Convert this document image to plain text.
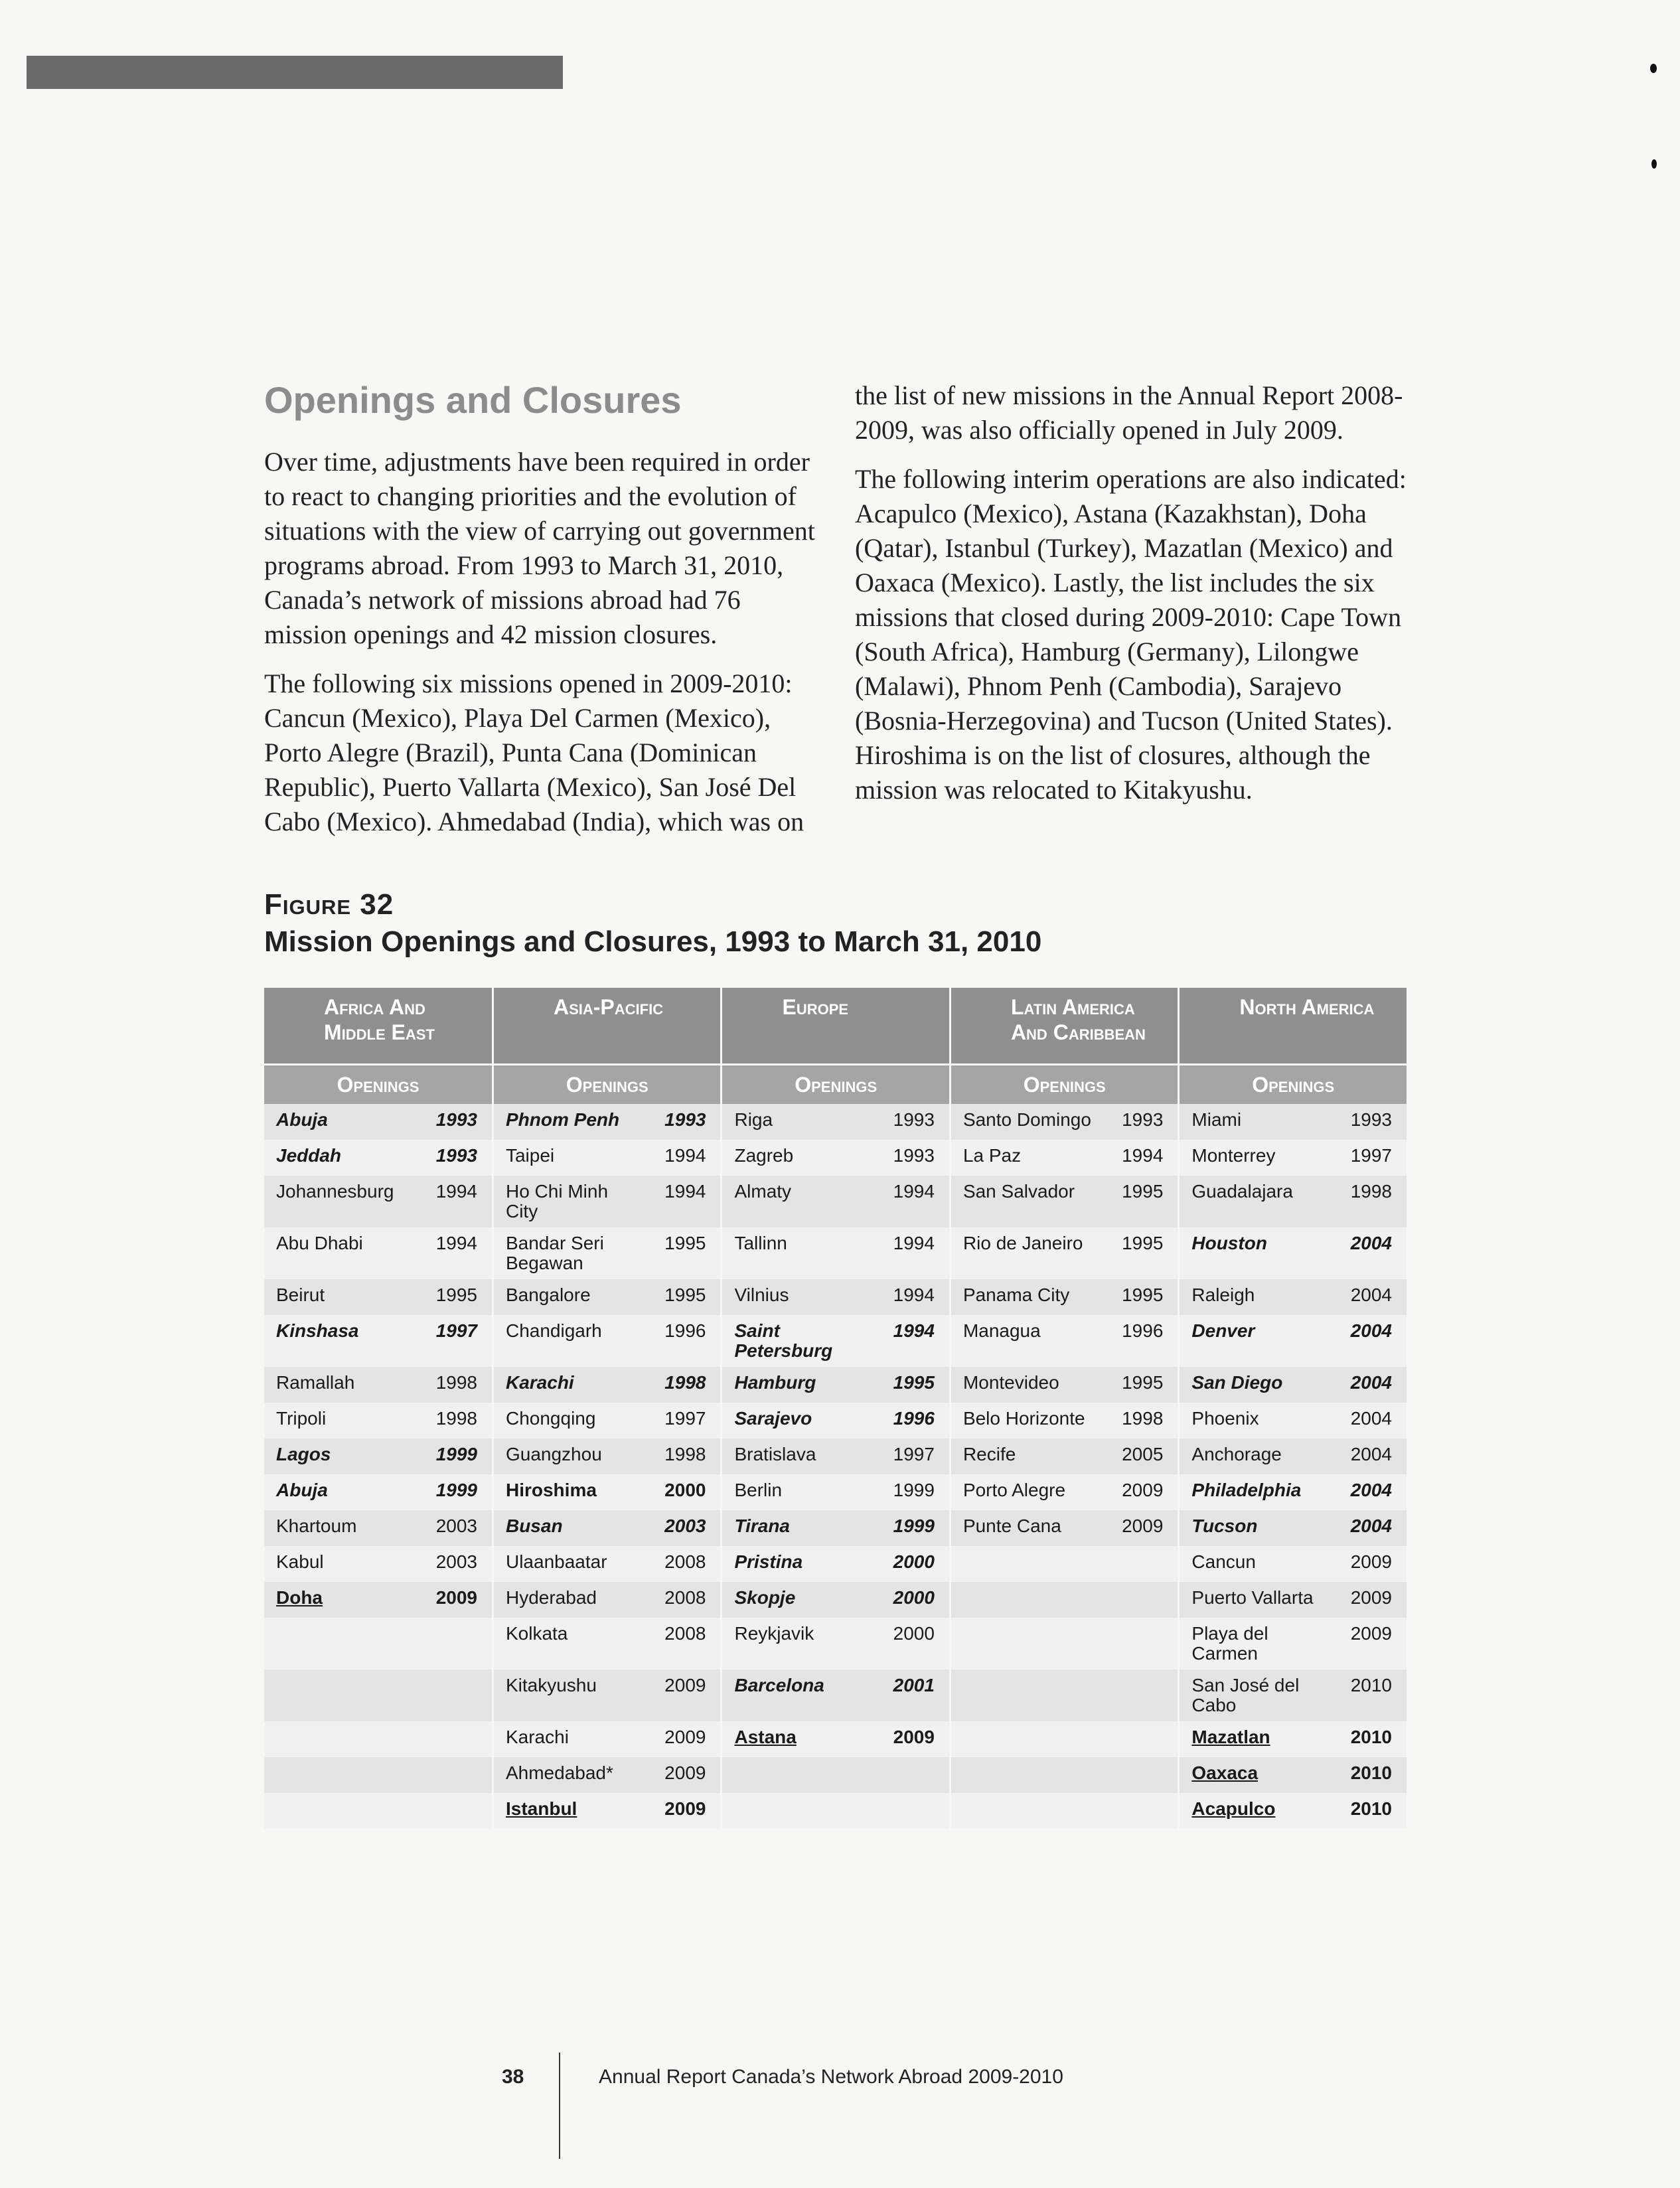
Openings and Closures

Over time, adjustments have been required in order to react to changing priorities and the evolution of situations with the view of carrying out government programs abroad. From 1993 to March 31, 2010, Canada’s network of missions abroad had 76 mission openings and 42 mission closures.

The following six missions opened in 2009-2010: Cancun (Mexico), Playa Del Carmen (Mexico), Porto Alegre (Brazil), Punta Cana (Dominican Republic), Puerto Vallarta (Mexico), San José Del Cabo (Mexico). Ahmedabad (India), which was on

the list of new missions in the Annual Report 2008-2009, was also officially opened in July 2009.

The following interim operations are also indicated: Acapulco (Mexico), Astana (Kazakhstan), Doha (Qatar), Istanbul (Turkey), Mazatlan (Mexico) and Oaxaca (Mexico). Lastly, the list includes the six missions that closed during 2009-2010: Cape Town (South Africa), Hamburg (Germany), Lilongwe (Malawi), Phnom Penh (Cambodia), Sarajevo (Bosnia-Herzegovina) and Tucson (United States). Hiroshima is on the list of closures, although the mission was relocated to Kitakyushu.

Figure 32
Mission Openings and Closures, 1993 to March 31, 2010
Africa And Middle East		Asia-Pacific		Europe		Latin America And Caribbean		North America	
Openings		Openings		Openings		Openings		Openings	
Abuja	1993	Phnom Penh	1993	Riga	1993	Santo Domingo	1993	Miami	1993
Jeddah	1993	Taipei	1994	Zagreb	1993	La Paz	1994	Monterrey	1997
Johannesburg	1994	Ho Chi Minh City	1994	Almaty	1994	San Salvador	1995	Guadalajara	1998
Abu Dhabi	1994	Bandar Seri Begawan	1995	Tallinn	1994	Rio de Janeiro	1995	Houston	2004
Beirut	1995	Bangalore	1995	Vilnius	1994	Panama City	1995	Raleigh	2004
Kinshasa	1997	Chandigarh	1996	Saint Petersburg	1994	Managua	1996	Denver	2004
Ramallah	1998	Karachi	1998	Hamburg	1995	Montevideo	1995	San Diego	2004
Tripoli	1998	Chongqing	1997	Sarajevo	1996	Belo Horizonte	1998	Phoenix	2004
Lagos	1999	Guangzhou	1998	Bratislava	1997	Recife	2005	Anchorage	2004
Abuja	1999	Hiroshima	2000	Berlin	1999	Porto Alegre	2009	Philadelphia	2004
Khartoum	2003	Busan	2003	Tirana	1999	Punte Cana	2009	Tucson	2004
Kabul	2003	Ulaanbaatar	2008	Pristina	2000			Cancun	2009
Doha	2009	Hyderabad	2008	Skopje	2000			Puerto Vallarta	2009
		Kolkata	2008	Reykjavik	2000			Playa del Carmen	2009
		Kitakyushu	2009	Barcelona	2001			San José del Cabo	2010
		Karachi	2009	Astana	2009			Mazatlan	2010
		Ahmedabad*	2009					Oaxaca	2010
		Istanbul	2009					Acapulco	2010
38	Annual Report Canada’s Network Abroad 2009-2010
